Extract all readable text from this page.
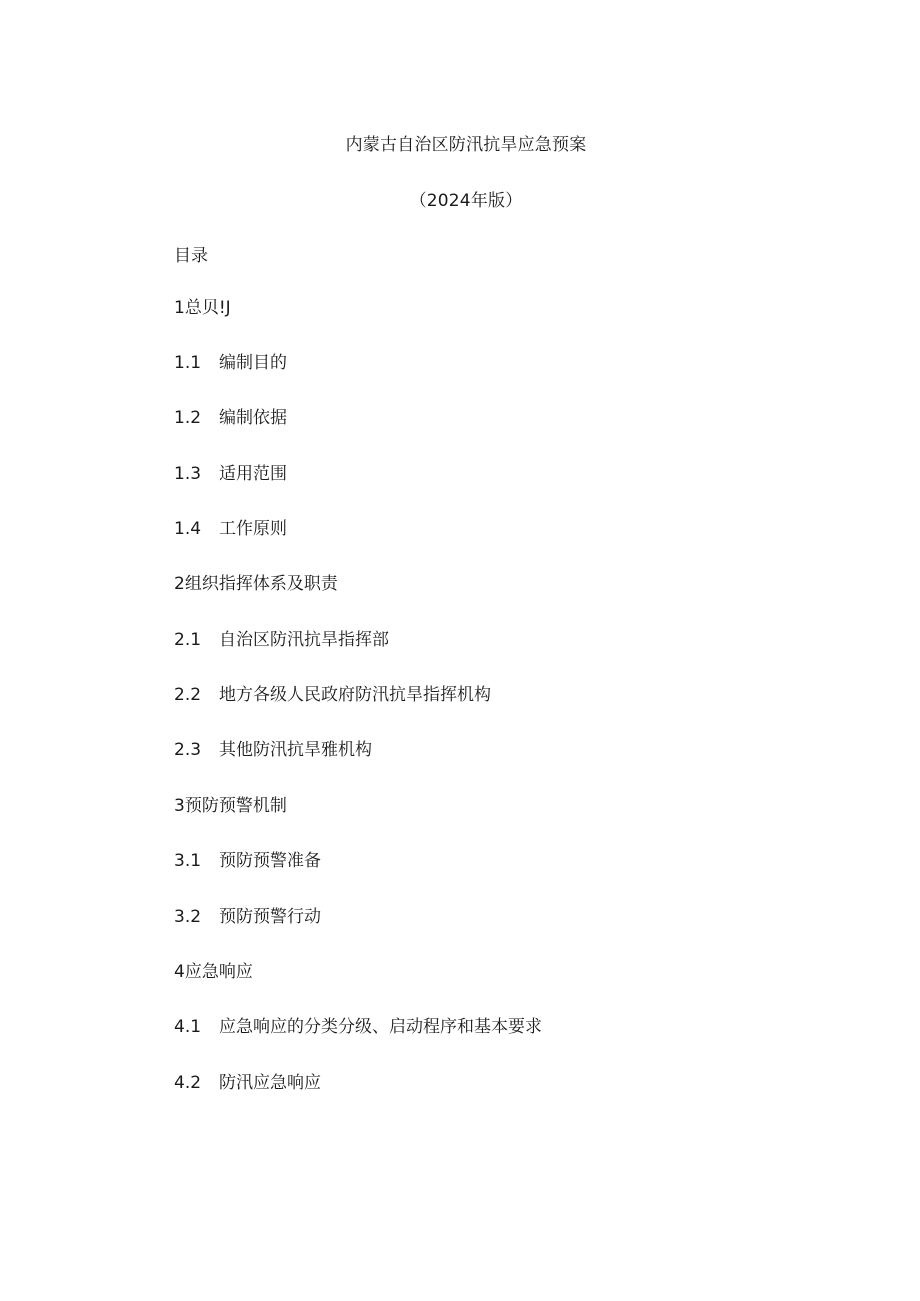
内蒙古自治区防汛抗旱应急预案
（2024年版）
目录
1总贝!J
1.1 编制目的
1.2 编制依据
1.3 适用范围
1.4 工作原则
2组织指挥体系及职责
2.1 自治区防汛抗旱指挥部
2.2 地方各级人民政府防汛抗旱指挥机构
2.3 其他防汛抗旱雅机构
3预防预警机制
3.1 预防预警准备
3.2 预防预警行动
4应急响应
4.1 应急响应的分类分级、启动程序和基本要求
4.2 防汛应急响应
